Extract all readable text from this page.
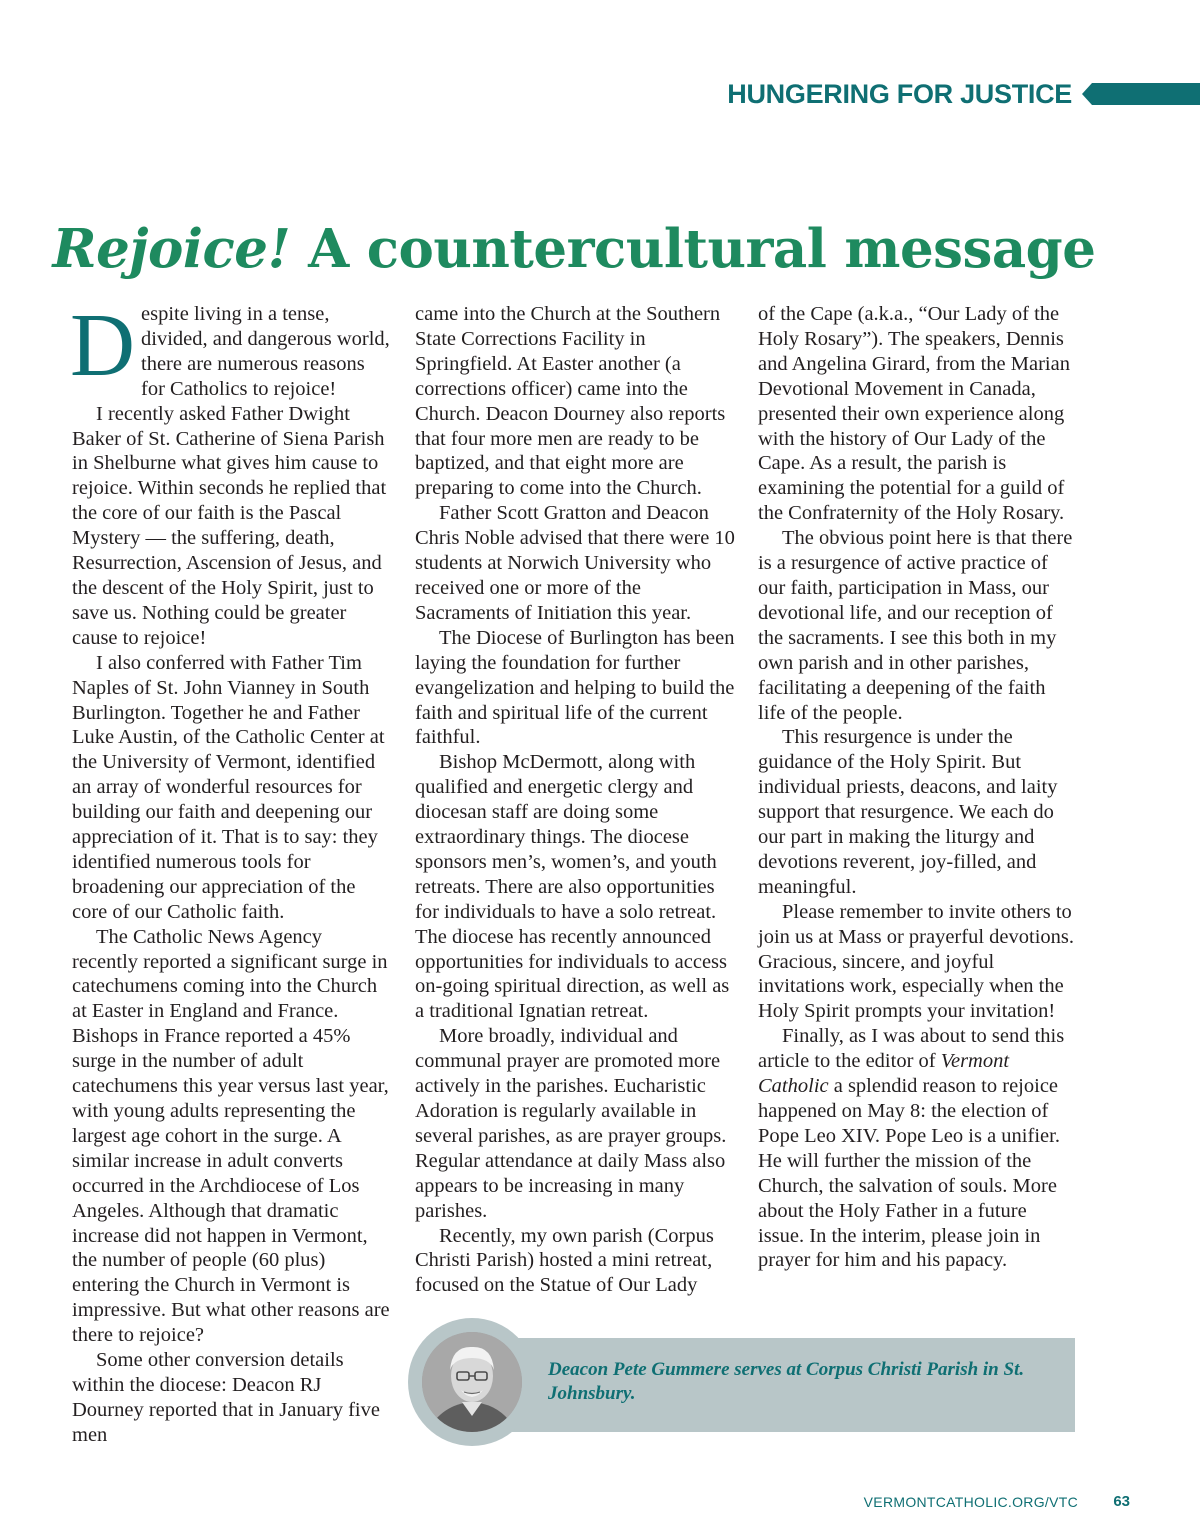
HUNGERING FOR JUSTICE
Rejoice! A countercultural message

Despite living in a tense, divided, and dangerous world, there are numerous reasons for Catholics to rejoice!

I recently asked Father Dwight Baker of St. Catherine of Siena Parish in Shelburne what gives him cause to rejoice. Within seconds he replied that the core of our faith is the Pascal Mystery — the suffering, death, Resurrection, Ascension of Jesus, and the descent of the Holy Spirit, just to save us. Nothing could be greater cause to rejoice!

I also conferred with Father Tim Naples of St. John Vianney in South Burlington. Together he and Father Luke Austin, of the Catholic Center at the University of Vermont, identified an array of wonderful resources for building our faith and deepening our appreciation of it. That is to say: they identified numerous tools for broadening our appreciation of the core of our Catholic faith.

The Catholic News Agency recently reported a significant surge in catechumens coming into the Church at Easter in England and France. Bishops in France reported a 45% surge in the number of adult catechumens this year versus last year, with young adults representing the largest age cohort in the surge. A similar increase in adult converts occurred in the Archdiocese of Los Angeles. Although that dramatic increase did not happen in Vermont, the number of people (60 plus) entering the Church in Vermont is impressive. But what other reasons are there to rejoice?

Some other conversion details within the diocese: Deacon RJ Dourney reported that in January five men

came into the Church at the Southern State Corrections Facility in Springfield. At Easter another (a corrections officer) came into the Church. Deacon Dourney also reports that four more men are ready to be baptized, and that eight more are preparing to come into the Church.

Father Scott Gratton and Deacon Chris Noble advised that there were 10 students at Norwich University who received one or more of the Sacraments of Initiation this year.

The Diocese of Burlington has been laying the foundation for further evangelization and helping to build the faith and spiritual life of the current faithful.

Bishop McDermott, along with qualified and energetic clergy and diocesan staff are doing some extraordinary things. The diocese sponsors men’s, women’s, and youth retreats. There are also opportunities for individuals to have a solo retreat. The diocese has recently announced opportunities for individuals to access on-going spiritual direction, as well as a traditional Ignatian retreat.

More broadly, individual and communal prayer are promoted more actively in the parishes. Eucharistic Adoration is regularly available in several parishes, as are prayer groups. Regular attendance at daily Mass also appears to be increasing in many parishes.

Recently, my own parish (Corpus Christi Parish) hosted a mini retreat, focused on the Statue of Our Lady

of the Cape (a.k.a., “Our Lady of the Holy Rosary”). The speakers, Dennis and Angelina Girard, from the Marian Devotional Movement in Canada, presented their own experience along with the history of Our Lady of the Cape. As a result, the parish is examining the potential for a guild of the Confraternity of the Holy Rosary.

The obvious point here is that there is a resurgence of active practice of our faith, participation in Mass, our devotional life, and our reception of the sacraments. I see this both in my own parish and in other parishes, facilitating a deepening of the faith life of the people.

This resurgence is under the guidance of the Holy Spirit. But individual priests, deacons, and laity support that resurgence. We each do our part in making the liturgy and devotions reverent, joy-filled, and meaningful.

Please remember to invite others to join us at Mass or prayerful devotions. Gracious, sincere, and joyful invitations work, especially when the Holy Spirit prompts your invitation!

Finally, as I was about to send this article to the editor of Vermont Catholic a splendid reason to rejoice happened on May 8: the election of Pope Leo XIV. Pope Leo is a unifier. He will further the mission of the Church, the salvation of souls. More about the Holy Father in a future issue. In the interim, please join in prayer for him and his papacy.

Deacon Pete Gummere serves at Corpus Christi Parish in St. Johnsbury.
VERMONTCATHOLIC.ORG/VTC 63
